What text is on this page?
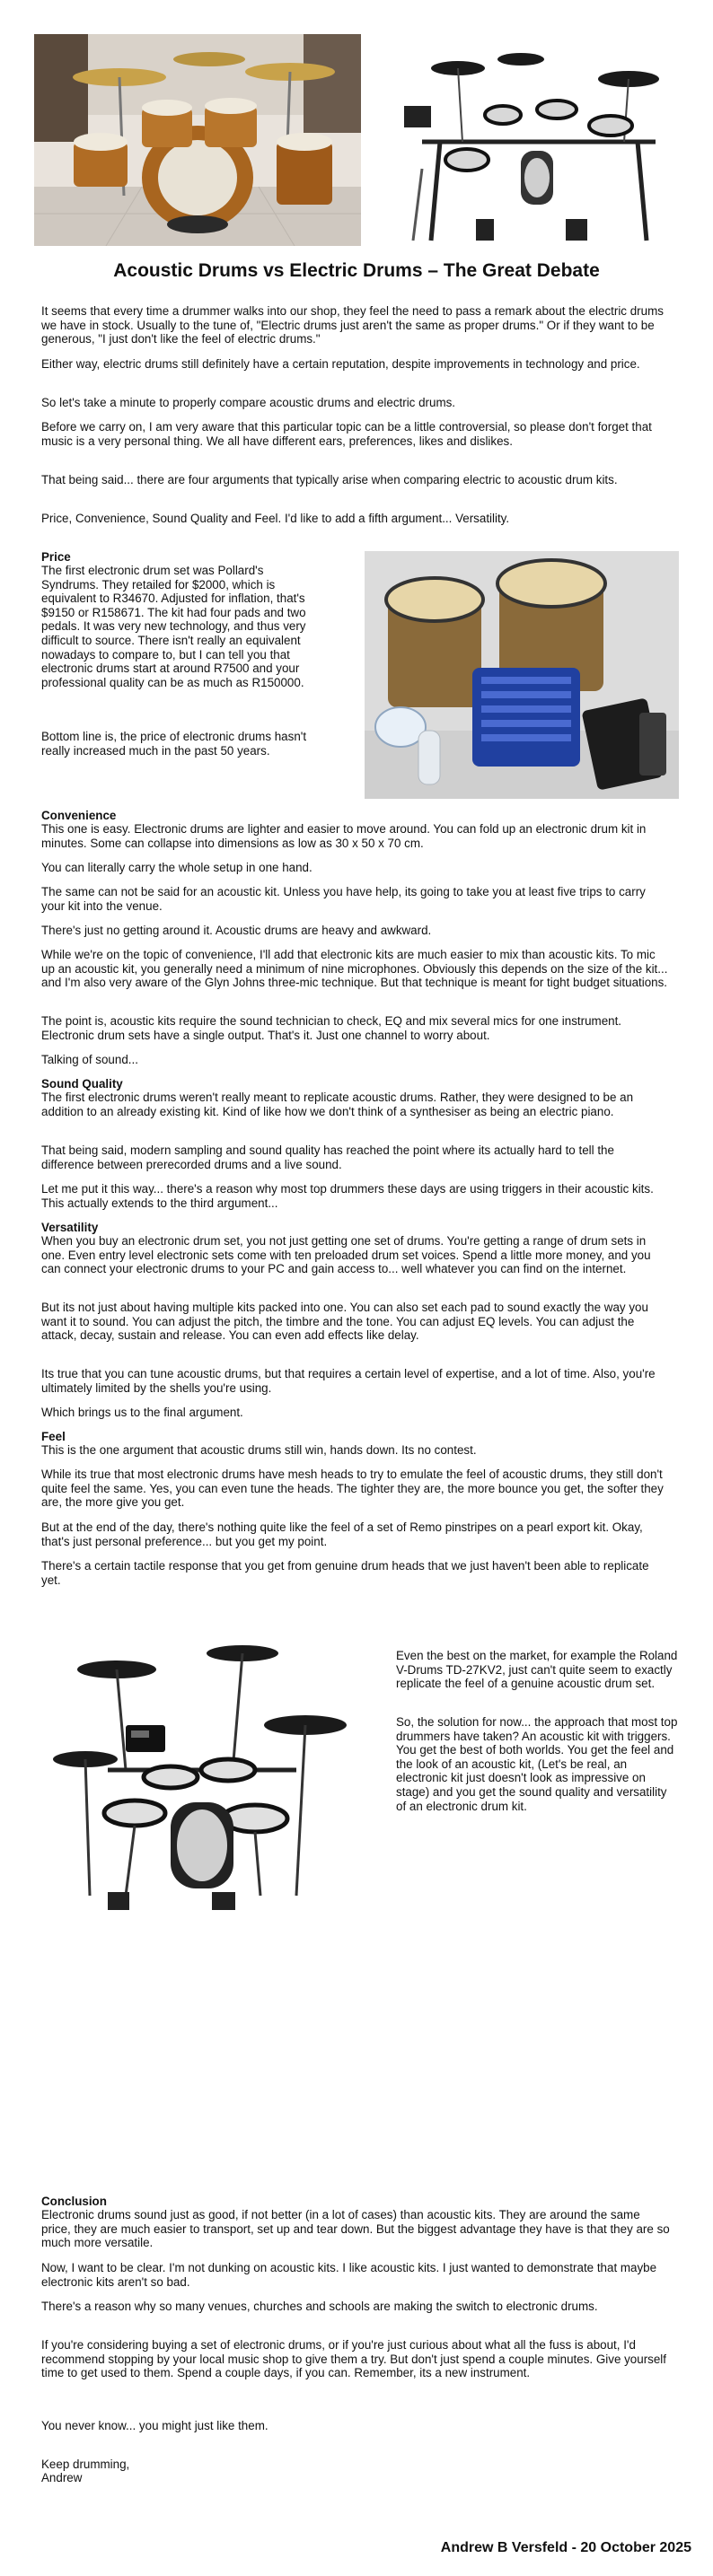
Acoustic Drums vs Electric Drums – The Great Debate

It seems that every time a drummer walks into our shop, they feel the need to pass a remark about the electric drums we have in stock. Usually to the tune of, "Electric drums just aren't the same as proper drums." Or if they want to be generous, "I just don't like the feel of electric drums."

Either way, electric drums still definitely have a certain reputation, despite improvements in technology and price.

So let's take a minute to properly compare acoustic drums and electric drums.

Before we carry on, I am very aware that this particular topic can be a little controversial, so please don't forget that music is a very personal thing. We all have different ears, preferences, likes and dislikes.

That being said... there are four arguments that typically arise when comparing electric to acoustic drum kits.

Price, Convenience, Sound Quality and Feel. I'd like to add a fifth argument... Versatility.

Price

The first electronic drum set was Pollard's Syndrums. They retailed for $2000, which is equivalent to R34670. Adjusted for inflation, that's $9150 or R158671. The kit had four pads and two pedals. It was very new technology, and thus very difficult to source. There isn't really an equivalent nowadays to compare to, but I can tell you that electronic drums start at around R7500 and your professional quality can be as much as R150000.

Bottom line is, the price of electronic drums hasn't really increased much in the past 50 years.

Convenience

This one is easy. Electronic drums are lighter and easier to move around. You can fold up an electronic drum kit in minutes. Some can collapse into dimensions as low as 30 x 50 x 70 cm.

You can literally carry the whole setup in one hand.

The same can not be said for an acoustic kit. Unless you have help, its going to take you at least five trips to carry your kit into the venue.

There's just no getting around it. Acoustic drums are heavy and awkward.

While we're on the topic of convenience, I'll add that electronic kits are much easier to mix than acoustic kits. To mic up an acoustic kit, you generally need a minimum of nine microphones. Obviously this depends on the size of the kit... and I'm also very aware of the Glyn Johns three-mic technique. But that technique is meant for tight budget situations.

The point is, acoustic kits require the sound technician to check, EQ and mix several mics for one instrument. Electronic drum sets have a single output. That's it. Just one channel to worry about.

Talking of sound...

Sound Quality

The first electronic drums weren't really meant to replicate acoustic drums. Rather, they were designed to be an addition to an already existing kit. Kind of like how we don't think of a synthesiser as being an electric piano.

That being said, modern sampling and sound quality has reached the point where its actually hard to tell the difference between prerecorded drums and a live sound.

Let me put it this way... there's a reason why most top drummers these days are using triggers in their acoustic kits. This actually extends to the third argument...

Versatility

When you buy an electronic drum set, you not just getting one set of drums. You're getting a range of drum sets in one. Even entry level electronic sets come with ten preloaded drum set voices. Spend a little more money, and you can connect your electronic drums to your PC and gain access to... well whatever you can find on the internet.

But its not just about having multiple kits packed into one. You can also set each pad to sound exactly the way you want it to sound. You can adjust the pitch, the timbre and the tone. You can adjust EQ levels. You can adjust the attack, decay, sustain and release. You can even add effects like delay.

Its true that you can tune acoustic drums, but that requires a certain level of expertise, and a lot of time. Also, you're ultimately limited by the shells you're using.

Which brings us to the final argument.

Feel

This is the one argument that acoustic drums still win, hands down. Its no contest.

While its true that most electronic drums have mesh heads to try to emulate the feel of acoustic drums, they still don't quite feel the same. Yes, you can even tune the heads. The tighter they are, the more bounce you get, the softer they are, the more give you get.

But at the end of the day, there's nothing quite like the feel of a set of Remo pinstripes on a pearl export kit. Okay, that's just personal preference... but you get my point.

There's a certain tactile response that you get from genuine drum heads that we just haven't been able to replicate yet.

Even the best on the market, for example the Roland V-Drums TD-27KV2, just can't quite seem to exactly replicate the feel of a genuine acoustic drum set.

So, the solution for now... the approach that most top drummers have taken? An acoustic kit with triggers. You get the best of both worlds. You get the feel and the look of an acoustic kit, (Let's be real, an electronic kit just doesn't look as impressive on stage) and you get the sound quality and versatility of an electronic drum kit.

Conclusion

Electronic drums sound just as good, if not better (in a lot of cases) than acoustic kits. They are around the same price, they are much easier to transport, set up and tear down. But the biggest advantage they have is that they are so much more versatile.

Now, I want to be clear. I'm not dunking on acoustic kits. I like acoustic kits. I just wanted to demonstrate that maybe electronic kits aren't so bad.

There's a reason why so many venues, churches and schools are making the switch to electronic drums.

If you're considering buying a set of electronic drums, or if you're just curious about what all the fuss is about, I'd recommend stopping by your local music shop to give them a try. But don't just spend a couple minutes. Give yourself time to get used to them. Spend a couple days, if you can. Remember, its a new instrument.

You never know... you might just like them.

Keep drumming,

Andrew

Andrew B Versfeld - 20 October 2025
